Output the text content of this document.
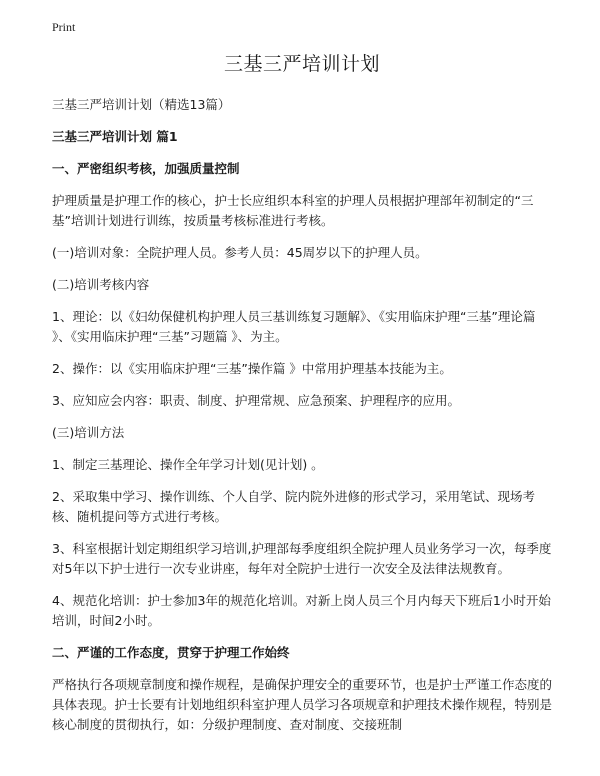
Print
三基三严培训计划

三基三严培训计划（精选13篇）

三基三严培训计划 篇1

一、严密组织考核，加强质量控制

护理质量是护理工作的核心，护士长应组织本科室的护理人员根据护理部年初制定的“三基”培训计划进行训练，按质量考核标准进行考核。

(一)培训对象：全院护理人员。参考人员：45周岁以下的护理人员。

(二)培训考核内容

1、理论：以《妇幼保健机构护理人员三基训练复习题解》、《实用临床护理“三基”理论篇 》、《实用临床护理“三基”习题篇 》、为主。

2、操作：以《实用临床护理“三基”操作篇 》中常用护理基本技能为主。

3、应知应会内容：职责、制度、护理常规、应急预案、护理程序的应用。

(三)培训方法

1、制定三基理论、操作全年学习计划(见计划) 。

2、采取集中学习、操作训练、个人自学、院内院外进修的形式学习，采用笔试、现场考核、随机提问等方式进行考核。

3、科室根据计划定期组织学习培训,护理部每季度组织全院护理人员业务学习一次，每季度对5年以下护士进行一次专业讲座，每年对全院护士进行一次安全及法律法规教育。

4、规范化培训：护士参加3年的规范化培训。对新上岗人员三个月内每天下班后1小时开始培训，时间2小时。

二、严谨的工作态度，贯穿于护理工作始终

严格执行各项规章制度和操作规程，是确保护理安全的重要环节，也是护士严谨工作态度的具体表现。护士长要有计划地组织科室护理人员学习各项规章和护理技术操作规程，特别是核心制度的贯彻执行，如：分级护理制度、查对制度、交接班制
